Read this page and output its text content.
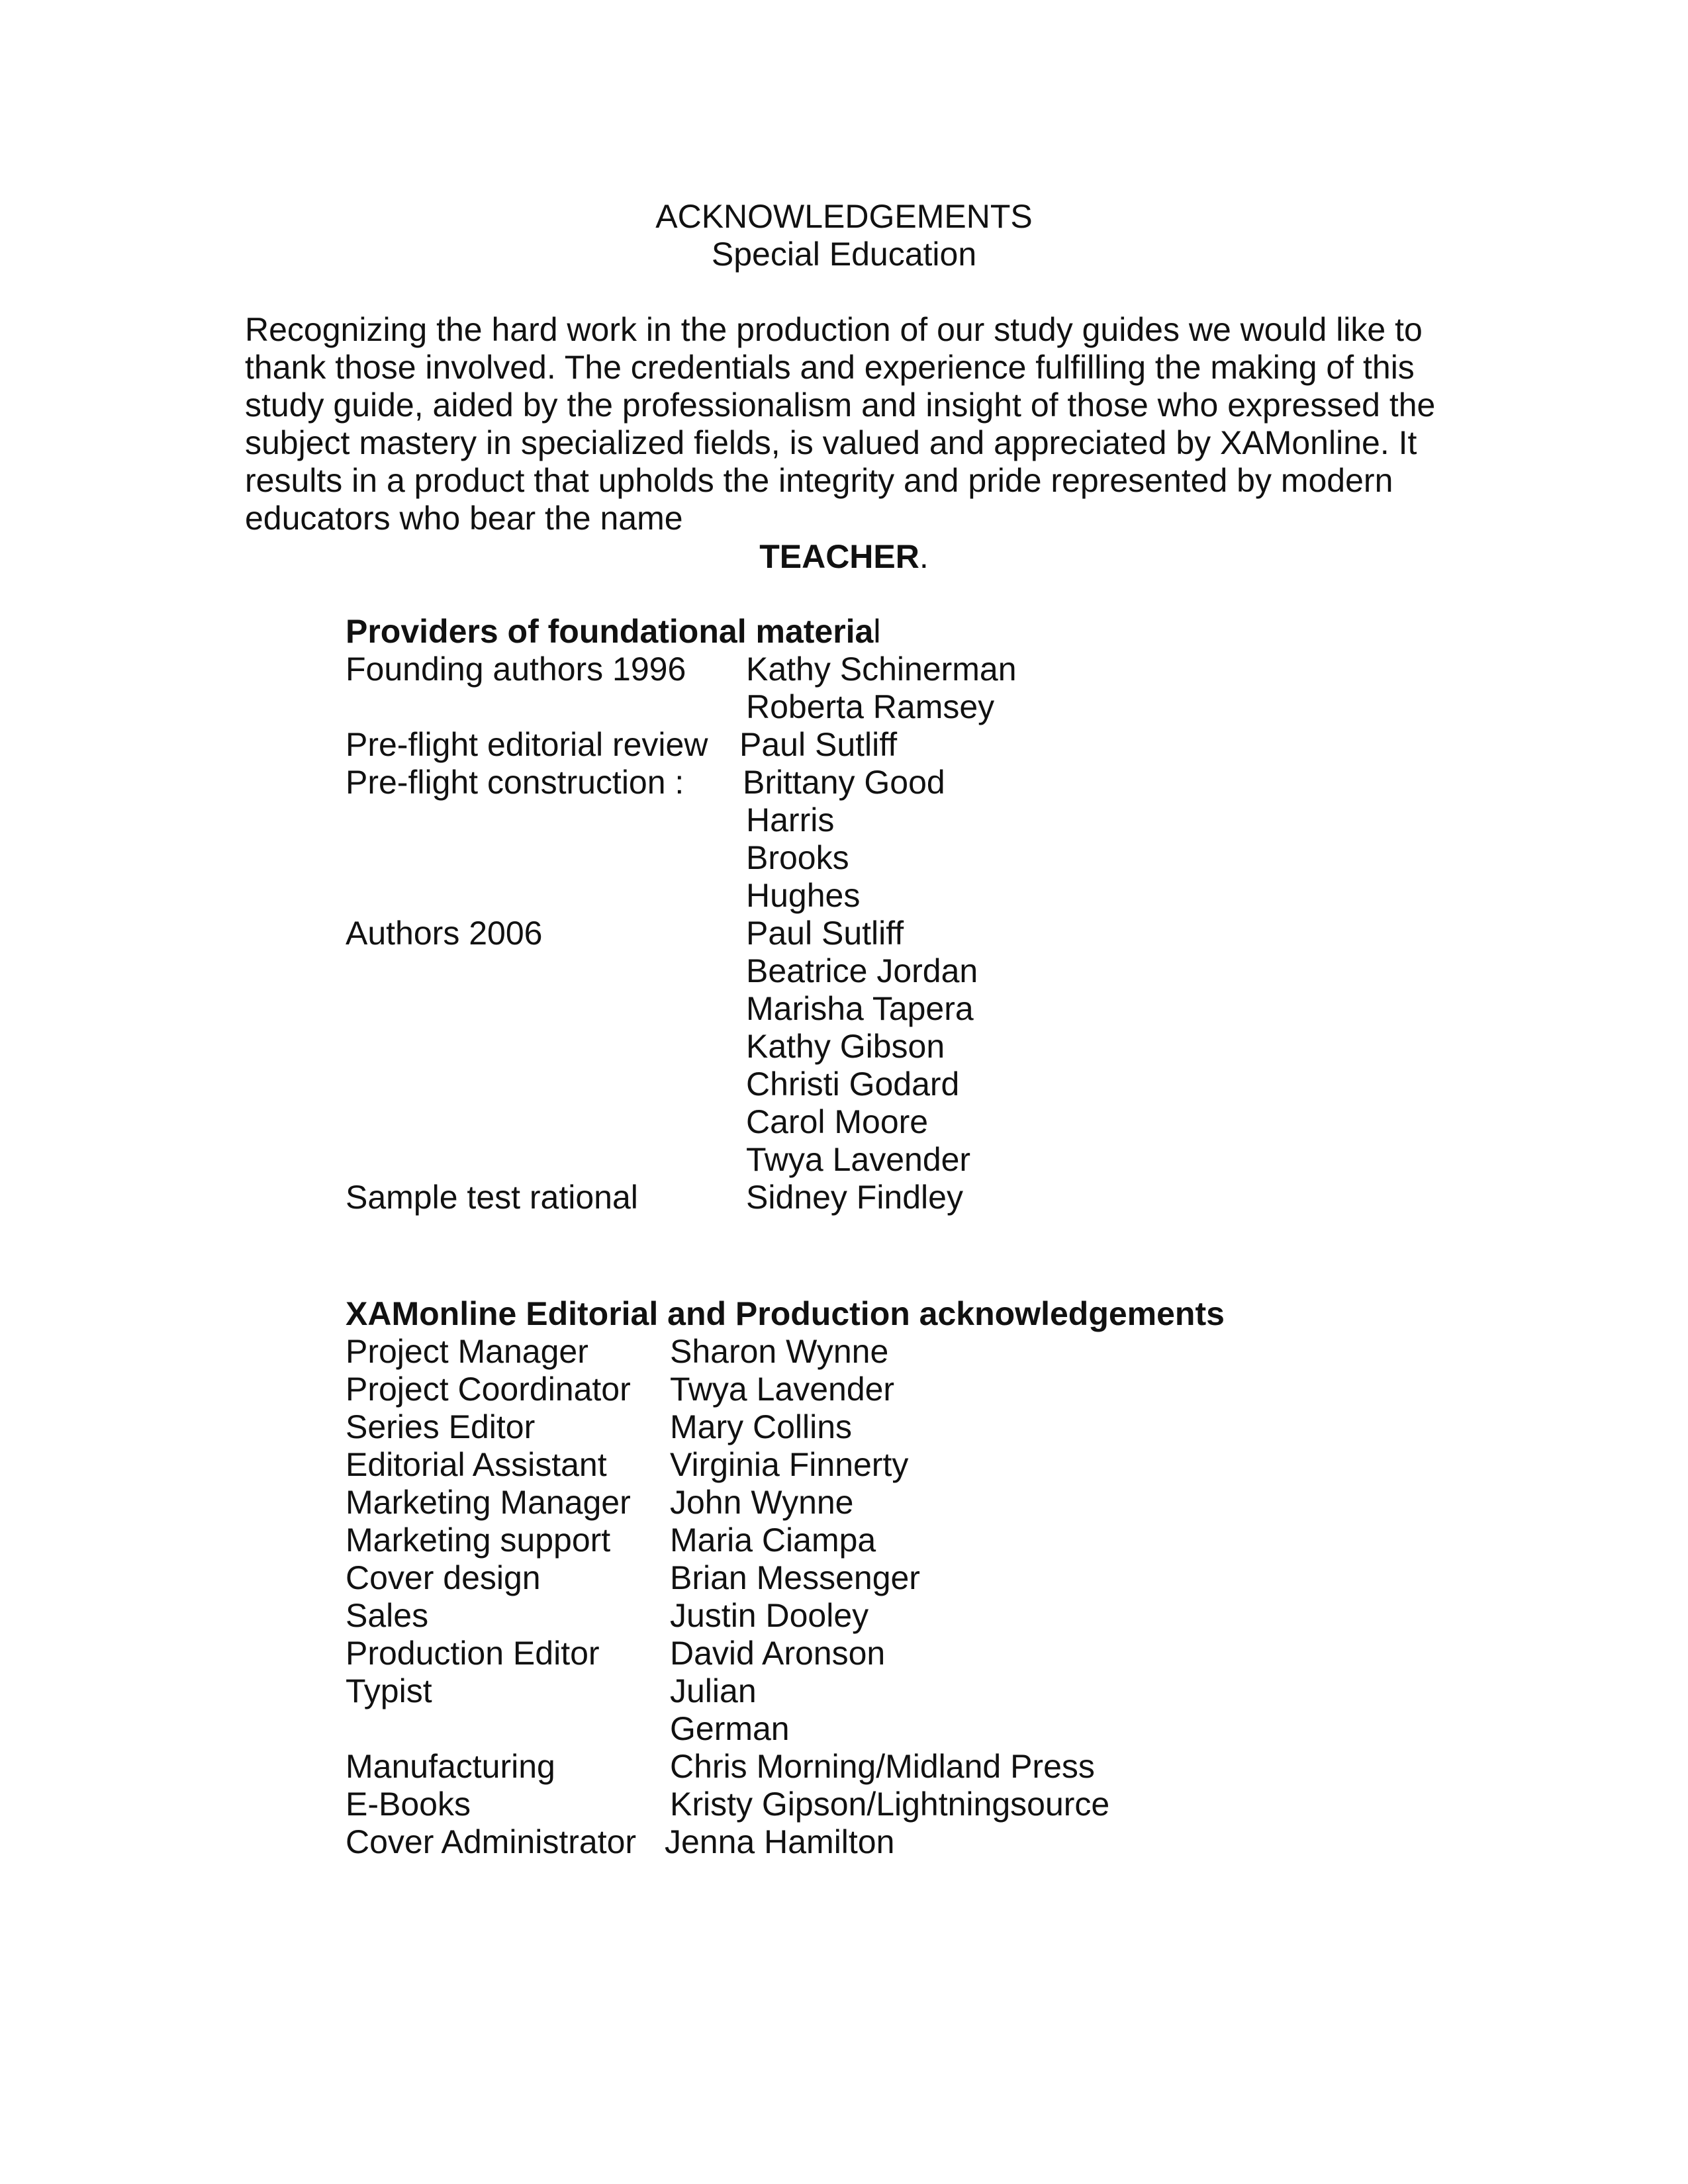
ACKNOWLEDGEMENTS
Special Education
Recognizing the hard work in the production of our study guides we would like to
thank those involved. The credentials and experience fulfilling the making of this
study guide, aided by the professionalism and insight of those who expressed the
subject mastery in specialized fields, is valued and appreciated by XAMonline. It
results in a product that upholds the integrity and pride represented by modern
educators who bear the name
TEACHER.
Providers of foundational material
Founding authors 1996 Kathy Schinerman
Roberta Ramsey
Pre-flight editorial review Paul Sutliff
Pre-flight construction : Brittany Good
Harris
Brooks
Hughes
Authors 2006	Paul Sutliff
Beatrice Jordan
Marisha Tapera
Kathy Gibson
Christi Godard
Carol Moore
Twya Lavender
Sample test rational	Sidney Findley
XAMonline Editorial and Production acknowledgements
Project Manager Sharon Wynne
Project Coordinator Twya Lavender
Series Editor	Mary Collins
Editorial Assistant Virginia Finnerty
Marketing Manager John Wynne
Marketing support Maria Ciampa
Cover design	Brian Messenger
Sales	Justin Dooley
Production Editor David Aronson
Typist	Julian
German
Manufacturing	Chris Morning/Midland Press
E-Books	Kristy Gipson/Lightningsource
Cover Administrator Jenna Hamilton
